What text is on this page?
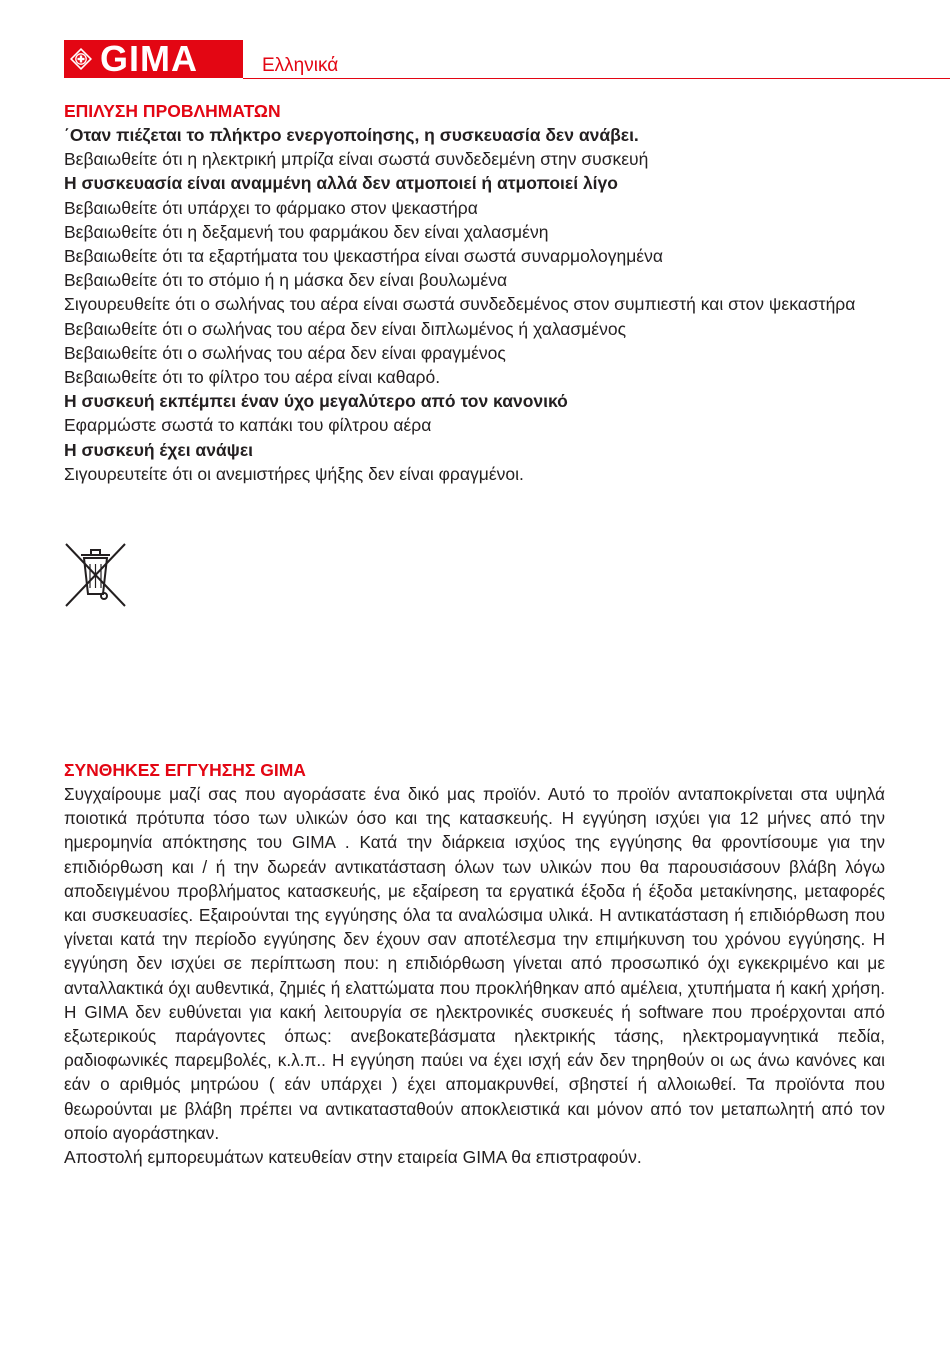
GIMA	Ελληνικά

ΕΠΙΛΥΣΗ ΠΡΟΒΛΗΜΑΤΩΝ

΄Οταν πιέζεται το πλήκτρο ενεργοποίησης, η συσκευασία δεν ανάβει.

Βεβαιωθείτε ότι η ηλεκτρική μπρίζα είναι σωστά συνδεδεμένη στην συσκευή

Η συσκευασία είναι αναμμένη αλλά δεν ατμοποιεί ή ατμοποιεί λίγο

Βεβαιωθείτε ότι υπάρχει το φάρμακο στον ψεκαστήρα

Βεβαιωθείτε ότι η δεξαμενή του φαρμάκου δεν είναι χαλασμένη

Βεβαιωθείτε ότι τα εξαρτήματα του ψεκαστήρα είναι σωστά συναρμολογημένα

Βεβαιωθείτε ότι το στόμιο ή η μάσκα δεν είναι βουλωμένα

Σιγουρευθείτε ότι ο σωλήνας του αέρα είναι σωστά συνδεδεμένος στον συμπιεστή και στον ψεκαστήρα

Βεβαιωθείτε ότι ο σωλήνας του αέρα δεν είναι διπλωμένος ή χαλασμένος

Βεβαιωθείτε ότι ο σωλήνας του αέρα δεν είναι φραγμένος

Βεβαιωθείτε ότι το φίλτρο του αέρα είναι καθαρό.

Η συσκευή εκπέμπει έναν ύχο μεγαλύτερο από τον κανονικό

Εφαρμώστε σωστά το καπάκι του φίλτρου αέρα

Η συσκευή έχει ανάψει

Σιγουρευτείτε ότι οι ανεμιστήρες ψήξης δεν είναι φραγμένοι.

ΣΥΝΘΗΚΕΣ ΕΓΓΥΗΣΗΣ GIMA

Συγχαίρουμε μαζί σας που αγοράσατε ένα δικό μας προϊόν. Αυτό το προϊόν ανταποκρίνεται στα υψηλά ποιοτικά πρότυπα τόσο των υλικών όσο και της κατασκευής. Η εγγύηση ισχύει για 12 μήνες από την ημερομηνία απόκτησης του GIMA . Κατά την διάρκεια ισχύος της εγγύησης θα φροντίσουμε για την επιδιόρθωση και / ή την δωρεάν αντικατάσταση όλων των υλικών που θα παρουσιάσουν βλάβη λόγω αποδειγμένου προβλήματος κατασκευής, με εξαίρεση τα εργατικά έξοδα ή έξοδα μετακίνησης, μεταφορές και συσκευασίες. Εξαιρούνται της εγγύησης όλα τα αναλώσιμα υλικά. Η αντικατάσταση ή επιδιόρθωση που γίνεται κατά την περίοδο εγγύησης δεν έχουν σαν αποτέλεσμα την επιμήκυνση του χρόνου εγγύησης. Η εγγύηση δεν ισχύει σε περίπτωση που: η επιδιόρθωση γίνεται από προσωπικό όχι εγκεκριμένο και με ανταλλακτικά όχι αυθεντικά, ζημιές ή ελαττώματα που προκλήθηκαν από αμέλεια, χτυπήματα ή κακή χρήση. Η GIMA δεν ευθύνεται για κακή λειτουργία σε ηλεκτρονικές συσκευές ή software που προέρχονται από εξωτερικούς παράγοντες όπως: ανεβοκατεβάσματα ηλεκτρικής τάσης, ηλεκτρομαγνητικά πεδία, ραδιοφωνικές παρεμβολές, κ.λ.π.. Η εγγύηση παύει να έχει ισχή εάν δεν τηρηθούν οι ως άνω κανόνες και εάν ο αριθμός μητρώου ( εάν υπάρχει ) έχει απομακρυνθεί, σβηστεί ή αλλοιωθεί. Τα προϊόντα που θεωρούνται με βλάβη πρέπει να αντικατασταθούν αποκλειστικά και μόνον από τον μεταπωλητή από τον οποίο αγοράστηκαν.

Αποστολή εμπορευμάτων κατευθείαν στην εταιρεία GIMA θα επιστραφούν.
